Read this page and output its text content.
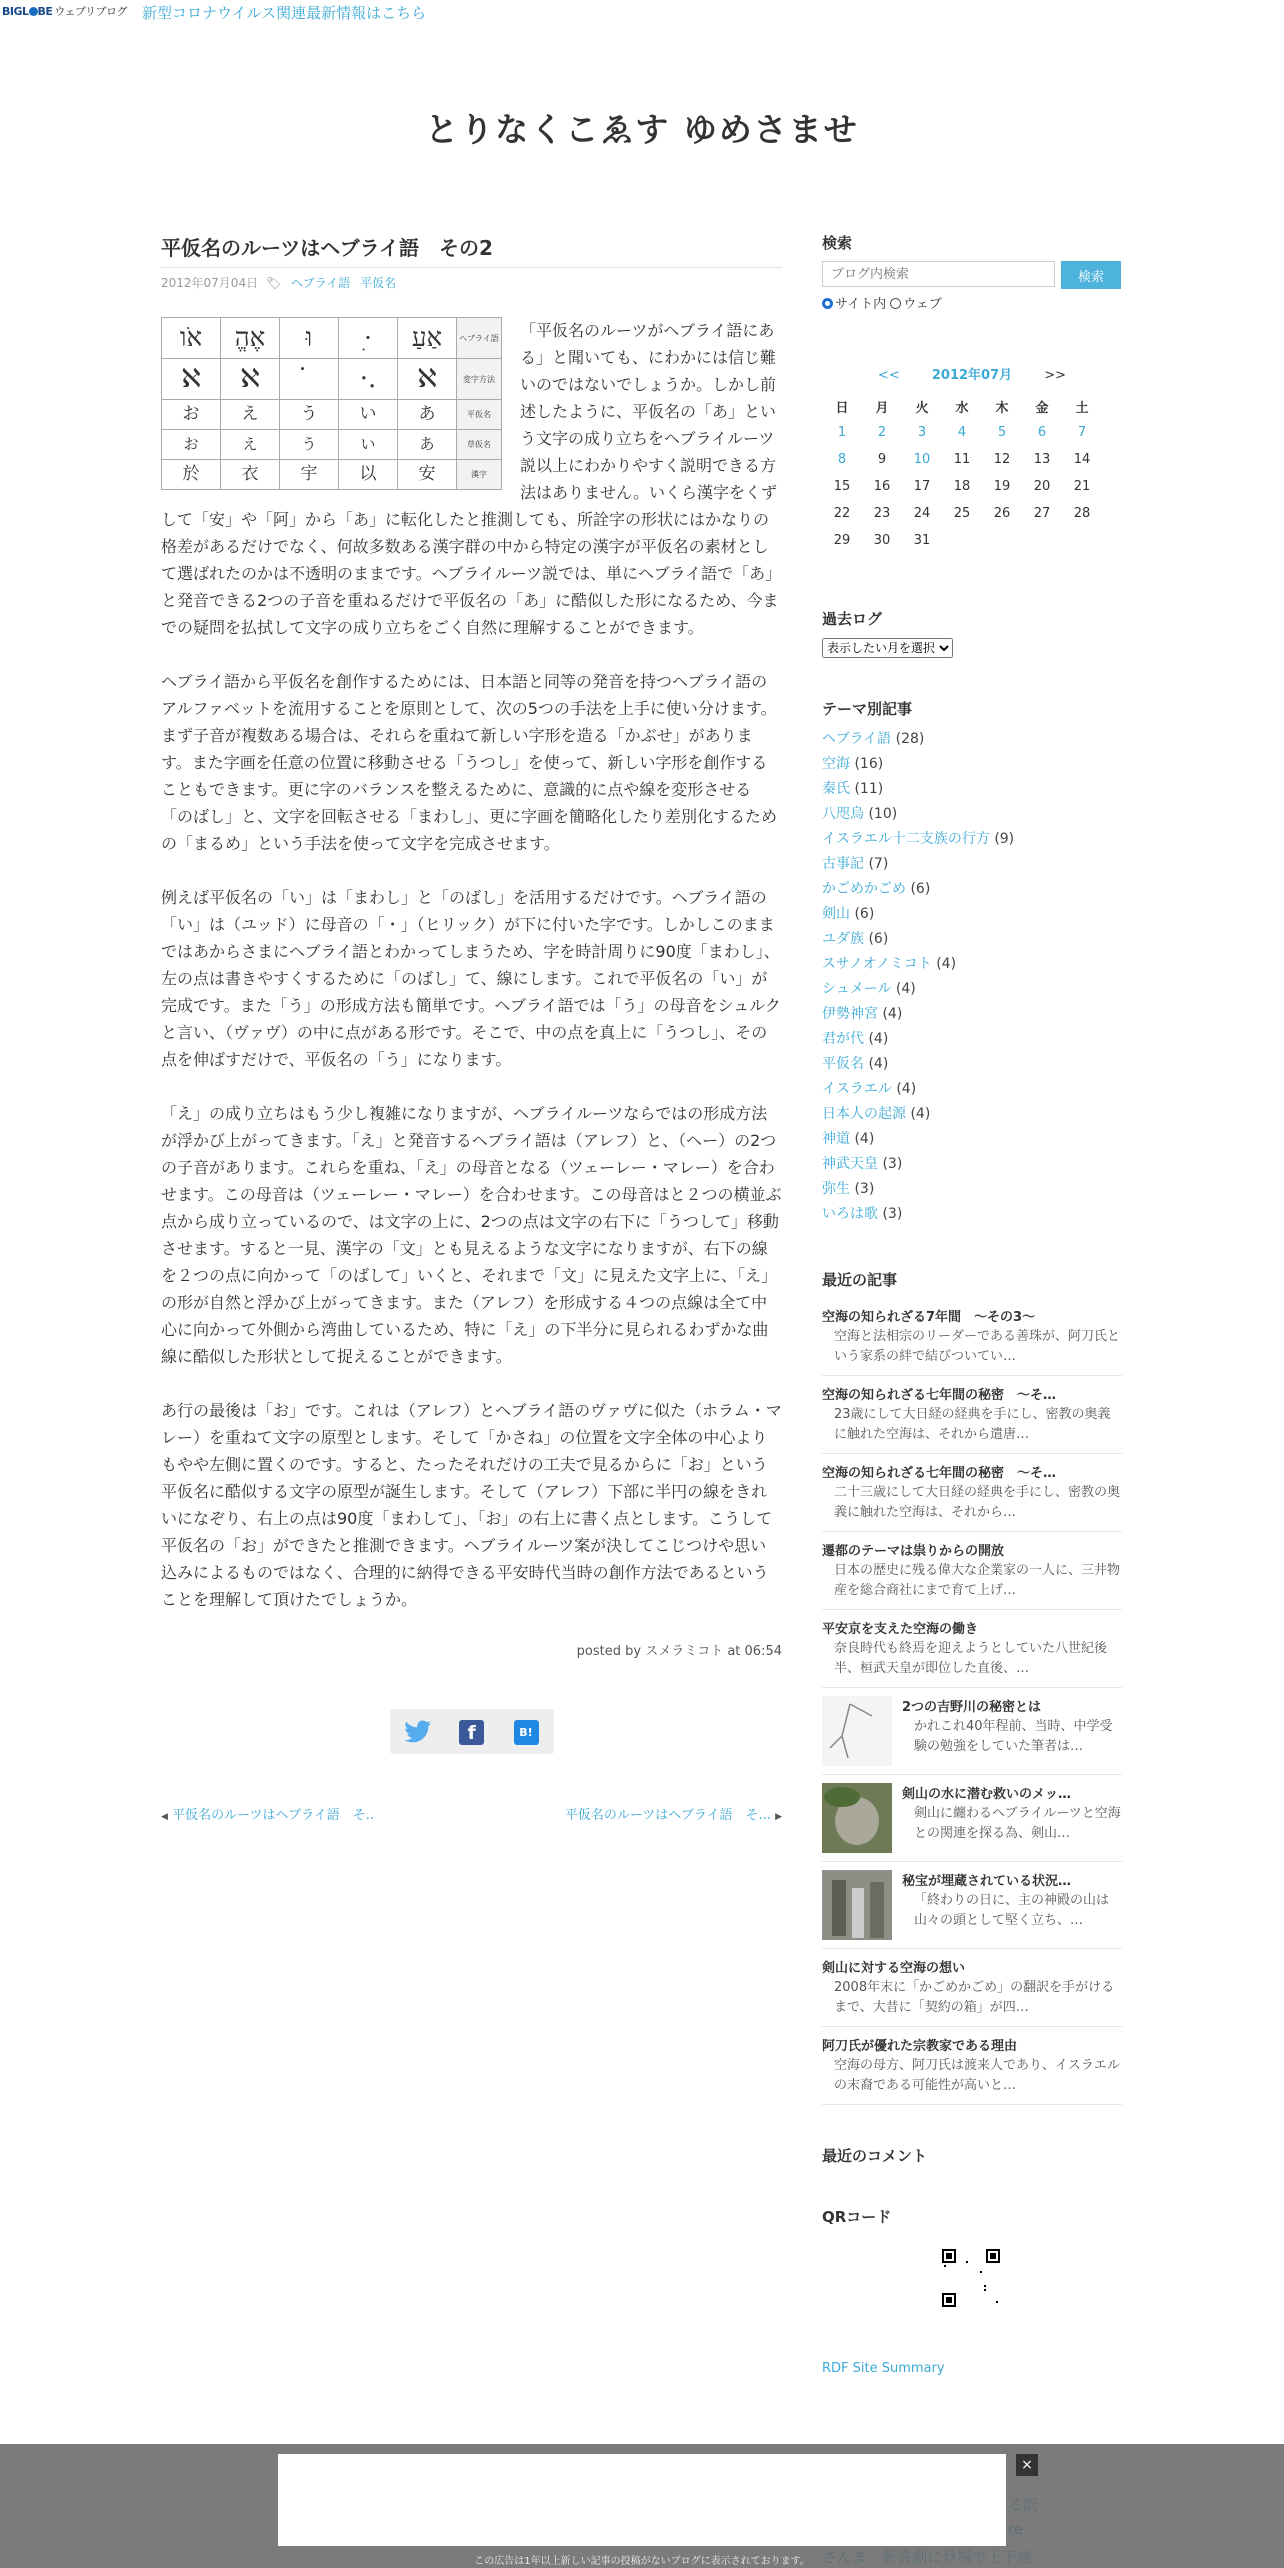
BIGL BE ウェブリブログ 新型コロナウイルス関連最新情報はこちら
とりなくこゑす ゆめさませ
平仮名のルーツはヘブライ語　その2
2012年07月04日 🏷 ヘブライ語 平仮名
אֹו	אֶהֱ	וּ	·ִ	אַעַ	ヘブライ語
ℵ	ℵ		·.	ℵ	変字方法
お	え	う	い	あ	平仮名
お	え	う	い	あ	草仮名
於	衣	宇	以	安	漢字

「平仮名のルーツがヘブライ語にある」と聞いても、にわかには信じ難いのではないでしょうか。しかし前述したように、平仮名の「あ」という文字の成り立ちをヘブライルーツ説以上にわかりやすく説明できる方法はありません。いくら漢字をくずして「安」や「阿」から「あ」に転化したと推測しても、所詮字の形状にはかなりの格差があるだけでなく、何故多数ある漢字群の中から特定の漢字が平仮名の素材として選ばれたのかは不透明のままです。ヘブライルーツ説では、単にヘブライ語で「あ」と発音できる2つの子音を重ねるだけで平仮名の「あ」に酷似した形になるため、今までの疑問を払拭して文字の成り立ちをごく自然に理解することができます。

ヘブライ語から平仮名を創作するためには、日本語と同等の発音を持つヘブライ語のアルファベットを流用することを原則として、次の5つの手法を上手に使い分けます。まず子音が複数ある場合は、それらを重ねて新しい字形を造る「かぶせ」があります。また字画を任意の位置に移動させる「うつし」を使って、新しい字形を創作することもできます。更に字のバランスを整えるために、意識的に点や線を変形させる「のばし」と、文字を回転させる「まわし」、更に字画を簡略化したり差別化するための「まるめ」という手法を使って文字を完成させます。

例えば平仮名の「い」は「まわし」と「のばし」を活用するだけです。ヘブライ語の「い」は（ユッド）に母音の「・」（ヒリック）が下に付いた字です。しかしこのままではあからさまにヘブライ語とわかってしまうため、字を時計周りに90度「まわし」、左の点は書きやすくするために「のばし」て、線にします。これで平仮名の「い」が完成です。また「う」の形成方法も簡単です。ヘブライ語では「う」の母音をシュルクと言い、（ヴァヴ）の中に点がある形です。そこで、中の点を真上に「うつし」、その点を伸ばすだけで、平仮名の「う」になります。

「え」の成り立ちはもう少し複雑になりますが、ヘブライルーツならではの形成方法が浮かび上がってきます。「え」と発音するヘブライ語は（アレフ）と、（ヘー）の2つの子音があります。これらを重ね、「え」の母音となる（ツェーレー・マレー）を合わせます。この母音は（ツェーレー・マレー）を合わせます。この母音はと２つの横並ぶ点から成り立っているので、は文字の上に、2つの点は文字の右下に「うつして」移動させます。すると一見、漢字の「文」とも見えるような文字になりますが、右下の線を２つの点に向かって「のばして」いくと、それまで「文」に見えた文字上に、「え」の形が自然と浮かび上がってきます。また（アレフ）を形成する４つの点線は全て中心に向かって外側から湾曲しているため、特に「え」の下半分に見られるわずかな曲線に酷似した形状として捉えることができます。

あ行の最後は「お」です。これは（アレフ）とヘブライ語のヴァヴに似た（ホラム・マレー）を重ねて文字の原型とします。そして「かさね」の位置を文字全体の中心よりもやや左側に置くのです。すると、たったそれだけの工夫で見るからに「お」という平仮名に酷似する文字の原型が誕生します。そして（アレフ）下部に半円の線をきれいになぞり、右上の点は90度「まわして」、「お」の右上に書く点とします。こうして平仮名の「お」ができたと推測できます。ヘブライルーツ案が決してこじつけや思い込みによるものではなく、合理的に納得できる平安時代当時の創作方法であるということを理解して頂けたでしょうか。

posted by スメラミコト at 06:54
f	B!
◀ 平仮名のルーツはヘブライ語　そ..	平仮名のルーツはヘブライ語　そ... ▶
検索
ブログ内検索
検索
サイト内 ウェブ
<< 2012年07月 >>
日	月	火	水	木	金	土
1	2	3	4	5	6	7
8	9	10	11	12	13	14
15	16	17	18	19	20	21
22	23	24	25	26	27	28
29	30	31				
過去ログ
表示したい月を選択
テーマ別記事
ヘブライ語 (28)
空海 (16)
秦氏 (11)
八咫烏 (10)
イスラエル十二支族の行方 (9)
古事記 (7)
かごめかごめ (6)
剣山 (6)
ユダ族 (6)
スサノオノミコト (4)
シュメール (4)
伊勢神宮 (4)
君が代 (4)
平仮名 (4)
イスラエル (4)
日本人の起源 (4)
神道 (4)
神武天皇 (3)
弥生 (3)
いろは歌 (3)
最近の記事
空海の知られざる7年間　～その3～
空海と法相宗のリーダーである善珠が、阿刀氏という家系の絆で結びついてい…
空海の知られざる七年間の秘密　～そ…
23歳にして大日経の経典を手にし、密教の奥義に触れた空海は、それから遣唐…
空海の知られざる七年間の秘密　～そ…
二十三歳にして大日経の経典を手にし、密教の奥義に触れた空海は、それから…
遷都のテーマは祟りからの開放
日本の歴史に残る偉大な企業家の一人に、三井物産を総合商社にまで育て上げ…
平安京を支えた空海の働き
奈良時代も終焉を迎えようとしていた八世紀後半、桓武天皇が即位した直後、…
2つの吉野川の秘密とは
かれこれ40年程前、当時、中学受験の勉強をしていた筆者は…
剣山の水に潜む救いのメッ…
剣山に纏わるヘブライルーツと空海との関連を探る為、剣山…
秘宝が埋蔵されている状況…
「終わりの日に、主の神殿の山は山々の頭として堅く立ち、…
剣山に対する空海の想い
2008年末に「かごめかごめ」の翻訳を手がけるまで、大昔に「契約の箱」が四…
阿刀氏が優れた宗教家である理由
空海の母方、阿刀氏は渡来人であり、イスラエルの末裔である可能性が高いと…
最近のコメント
QRコード
RDF Site Summary
×
この広告は1年以上新しい記事の投稿がないブログに表示されております。
